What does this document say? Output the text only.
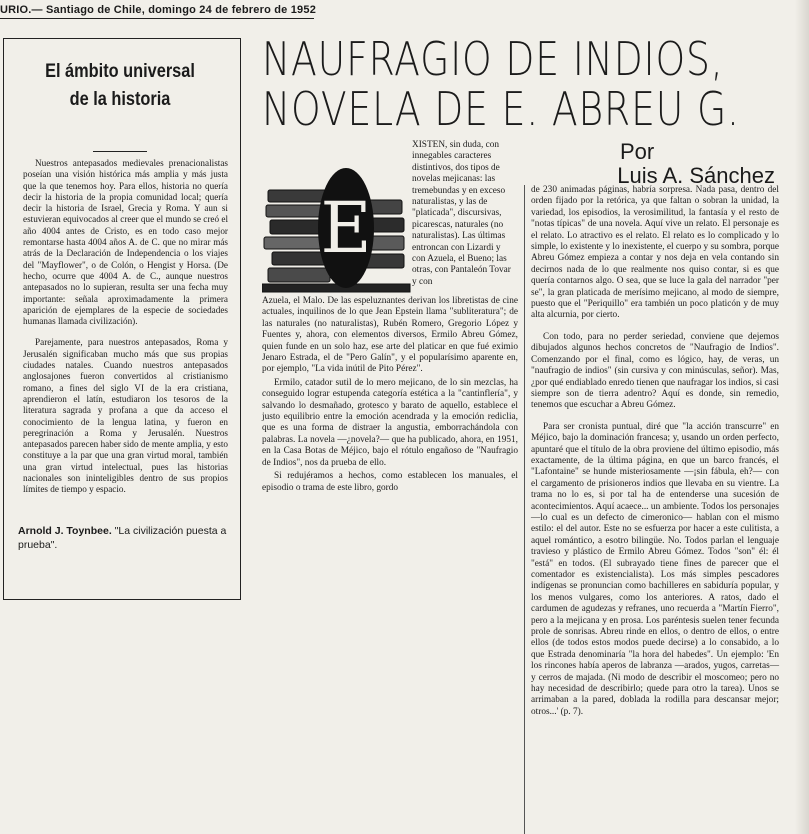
URIO.— Santiago de Chile, domingo 24 de febrero de 1952
El ámbito universal
de la historia

Nuestros antepasados medievales prenacionalistas poseían una visión histórica más amplia y más justa que la que tenemos hoy. Para ellos, historia no quería decir la historia de la propia comunidad local; quería decir la historia de Israel, Grecia y Roma. Y aun si estuvieran equivocados al creer que el mundo se creó el año 4004 antes de Cristo, es en todo caso mejor remontarse hasta 4004 años A. de C. que no mirar más atrás de la Declaración de Independencia o los viajes del "Mayflower", o de Colón, o Hengist y Horsa. (De hecho, ocurre que 4004 A. de C., aunque nuestros antepasados no lo supieran, resulta ser una fecha muy importante: señala aproximadamente la primera aparición de ejemplares de la especie de sociedades humanas llamada civilización).

Parejamente, para nuestros antepasados, Roma y Jerusalén significaban mucho más que sus propias ciudades natales. Cuando nuestros antepasados anglosajones fueron convertidos al cristianismo romano, a fines del siglo VI de la era cristiana, aprendieron el latín, estudiaron los tesoros de la literatura sagrada y profana a que da acceso el conocimiento de la lengua latina, y fueron en peregrinación a Roma y Jerusalén. Nuestros antepasados parecen haber sido de mente amplia, y esto constituye a la par que una gran virtud moral, también una gran virtud intelectual, pues las historias nacionales son ininteligibles dentro de sus propios límites de tiempo y espacio.

Arnold J. Toynbee. "La civilización puesta a prueba".
NAUFRAGIO DE INDIOS,
NOVELA DE E. ABREU G.
Por
Luis A. Sánchez
E
XISTEN, sin duda, con innegables caracteres distintivos, dos tipos de novelas mejicanas: las tremebundas y en exceso naturalistas, y las de "platicada", discursivas, picarescas, naturales (no naturalistas). Las últimas entroncan con Lizardi y con Azuela, el Bueno; las otras, con Pantaleón Tovar y con

Azuela, el Malo. De las espeluznantes derivan los libretistas de cine actuales, inquilinos de lo que Jean Epstein llama "subliteratura"; de las naturales (no naturalistas), Rubén Romero, Gregorio López y Fuentes y, ahora, con elementos diversos, Ermilo Abreu Gómez, quien funde en un solo haz, ese arte del platicar en que fué eximio Jenaro Estrada, el de "Pero Galín", y el popularísimo aparente en, por ejemplo, "La vida inútil de Pito Pérez".

Ermilo, catador sutil de lo mero mejicano, de lo sin mezclas, ha conseguido lograr estupenda categoría estética a la "cantinflería", y salvando lo desmañado, grotesco y barato de aquello, establece el justo equilibrio entre la emoción acendrada y la emoción rediclia, que es una forma de distraer la angustia, emborrachándola con palabras. La novela —¿novela?— que ha publicado, ahora, en 1951, en la Casa Botas de Méjico, bajo el rótulo engañoso de "Naufragio de Indios", nos da prueba de ello.

Si redujéramos a hechos, como establecen los manuales, el episodio o trama de este libro, gordo

de 230 animadas páginas, habría sorpresa. Nada pasa, dentro del orden fijado por la retórica, ya que faltan o sobran la unidad, la variedad, los episodios, la verosimilitud, la fantasía y el resto de "notas típicas" de una novela. Aquí vive un relato. El personaje es el relato. Lo atractivo es el relato. El relato es lo complicado y lo simple, lo existente y lo inexistente, el cuerpo y su sombra, porque Abreu Gómez empieza a contar y nos deja en vela contando sin decirnos nada de lo que realmente nos quiso contar, si es que quería contarnos algo. O sea, que se luce la gala del narrador "per se", la gran platicada de merísimo mejicano, al modo de siempre, puesto que el "Periquillo" era también un poco platicón y de muy alta alcurnia, por cierto.

Con todo, para no perder seriedad, conviene que dejemos dibujados algunos hechos concretos de "Naufragio de Indios". Comenzando por el final, como es lógico, hay, de veras, un "naufragio de indios" (sin cursiva y con minúsculas, señor). Mas, ¿por qué endiablado enredo tienen que naufragar los indios, si casi siempre son de tierra adentro? Aquí es donde, sin remedio, tenemos que escuchar a Abreu Gómez.

Para ser cronista puntual, diré que "la acción transcurre" en Méjico, bajo la dominación francesa; y, usando un orden perfecto, apuntaré que el título de la obra proviene del último episodio, más exactamente, de la última página, en que un barco francés, el "Lafontaine" se hunde misteriosamente —¡sin fábula, eh?— con el cargamento de prisioneros indios que llevaba en su vientre. La trama no lo es, si por tal ha de entenderse una sucesión de acontecimientos. Aquí acaece... un ambiente. Todos los personajes —lo cual es un defecto de cimeronico— hablan con el mismo estilo: el del autor. Este no se esfuerza por hacer a este culitista, a aquel romántico, a esotro bilingüe. No. Todos parlan el lenguaje travieso y plástico de Ermilo Abreu Gómez. Todos "son" él: él "está" en todos. (El subrayado tiene fines de parecer que el comentador es existencialista). Los más simples pescadores indígenas se pronuncian como bachilleres en sabiduría popular, y los menos vulgares, como los anteriores. A ratos, dado el cardumen de agudezas y refranes, uno recuerda a "Martín Fierro", pero a la mejicana y en prosa. Los paréntesis suelen tener fecunda prole de sonrisas. Abreu rinde en ellos, o dentro de ellos, o entre ellos (de todos estos modos puede decirse) a lo consabido, a lo que Estrada denominaría "la hora del habedes". Un ejemplo: 'En los rincones había aperos de labranza —arados, yugos, carretas— y cerros de majada. (Ni modo de describir el moscomeo; pero no hay necesidad de describirlo; quede para otro la tarea). Unos se arrimaban a la pared, doblada la rodilla para descansar mejor; otros...' (p. 7).
